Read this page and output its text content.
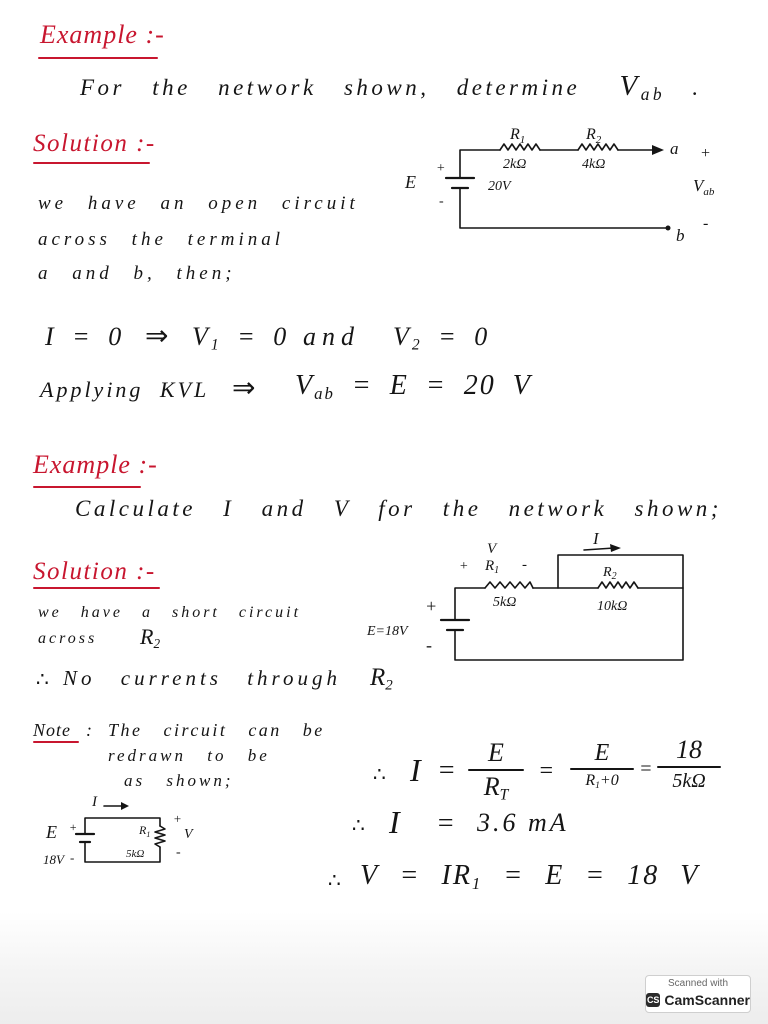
Example :-
For the network shown, determine $V_{ab}$ .
Solution :-
we have an open circuit
across the terminal
a and b, then;
I = 0 ⇒ $V_1 = 0$ and $V_2 = 0$
Applying KVL ⇒ $V_{ab} = E = 20$ V
$R_1$
2kΩ
$R_2$
4kΩ
a +
E
+
-
20V	$V_{ab}$
b
-
Example :-
Calculate I and V for the network shown;
Solution :-
we have a short circuit
across $R_2$
∴ No currents through $R_2$
Note : The circuit can be
redrawn to be
as shown;
V
+ $R_1$ -
5kΩ
I
$R_2$
10kΩ
+
E=18V
-
I
E +
18V -
$R_1$
5kΩ
+
V
-
∴ I =
E
$R_T$
=
E
$R_1+0$
=
18
5kΩ
∴ I = 3.6 mA
∴ $V = IR_1 = E = 18$ V
Scanned with
CS CamScanner
